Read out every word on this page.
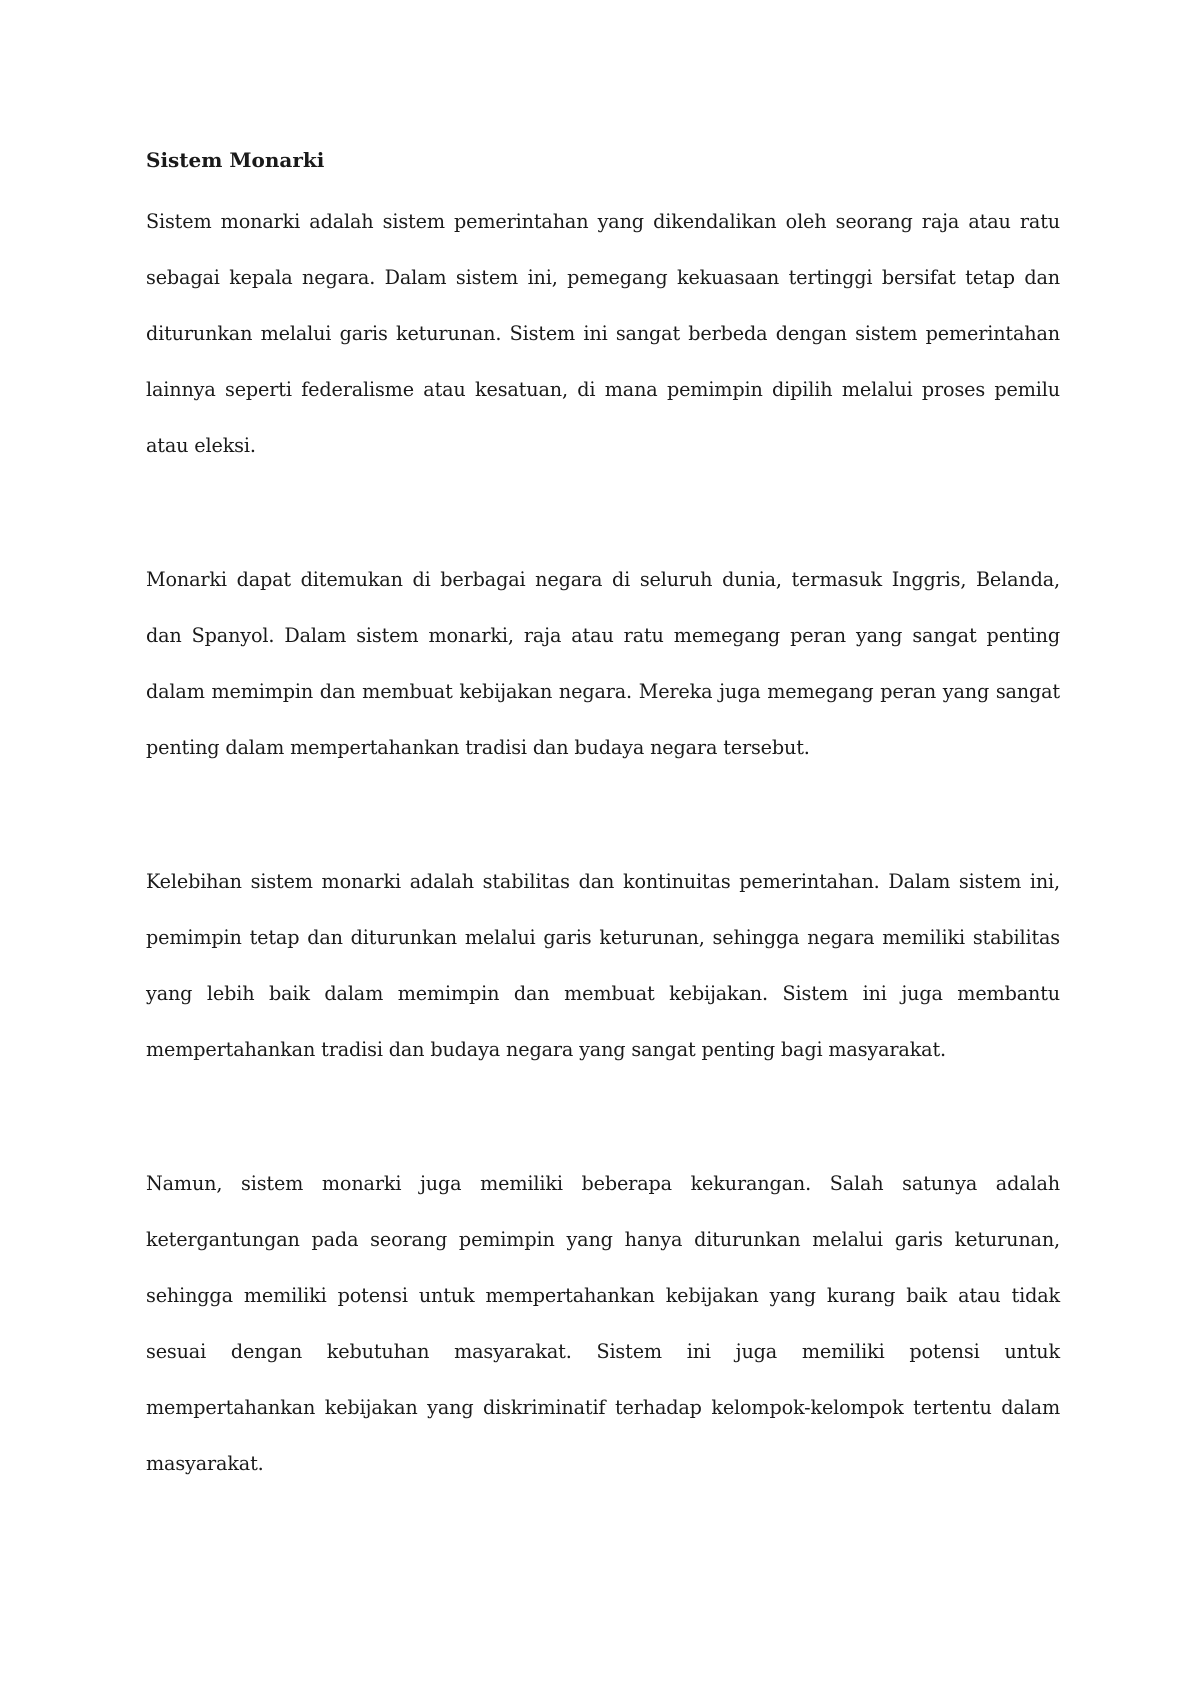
Sistem Monarki

Sistem monarki adalah sistem pemerintahan yang dikendalikan oleh seorang raja atau ratu sebagai kepala negara. Dalam sistem ini, pemegang kekuasaan tertinggi bersifat tetap dan diturunkan melalui garis keturunan. Sistem ini sangat berbeda dengan sistem pemerintahan lainnya seperti federalisme atau kesatuan, di mana pemimpin dipilih melalui proses pemilu atau eleksi.

Monarki dapat ditemukan di berbagai negara di seluruh dunia, termasuk Inggris, Belanda, dan Spanyol. Dalam sistem monarki, raja atau ratu memegang peran yang sangat penting dalam memimpin dan membuat kebijakan negara. Mereka juga memegang peran yang sangat penting dalam mempertahankan tradisi dan budaya negara tersebut.

Kelebihan sistem monarki adalah stabilitas dan kontinuitas pemerintahan. Dalam sistem ini, pemimpin tetap dan diturunkan melalui garis keturunan, sehingga negara memiliki stabilitas yang lebih baik dalam memimpin dan membuat kebijakan. Sistem ini juga membantu mempertahankan tradisi dan budaya negara yang sangat penting bagi masyarakat.

Namun, sistem monarki juga memiliki beberapa kekurangan. Salah satunya adalah ketergantungan pada seorang pemimpin yang hanya diturunkan melalui garis keturunan, sehingga memiliki potensi untuk mempertahankan kebijakan yang kurang baik atau tidak sesuai dengan kebutuhan masyarakat. Sistem ini juga memiliki potensi untuk mempertahankan kebijakan yang diskriminatif terhadap kelompok-kelompok tertentu dalam masyarakat.
